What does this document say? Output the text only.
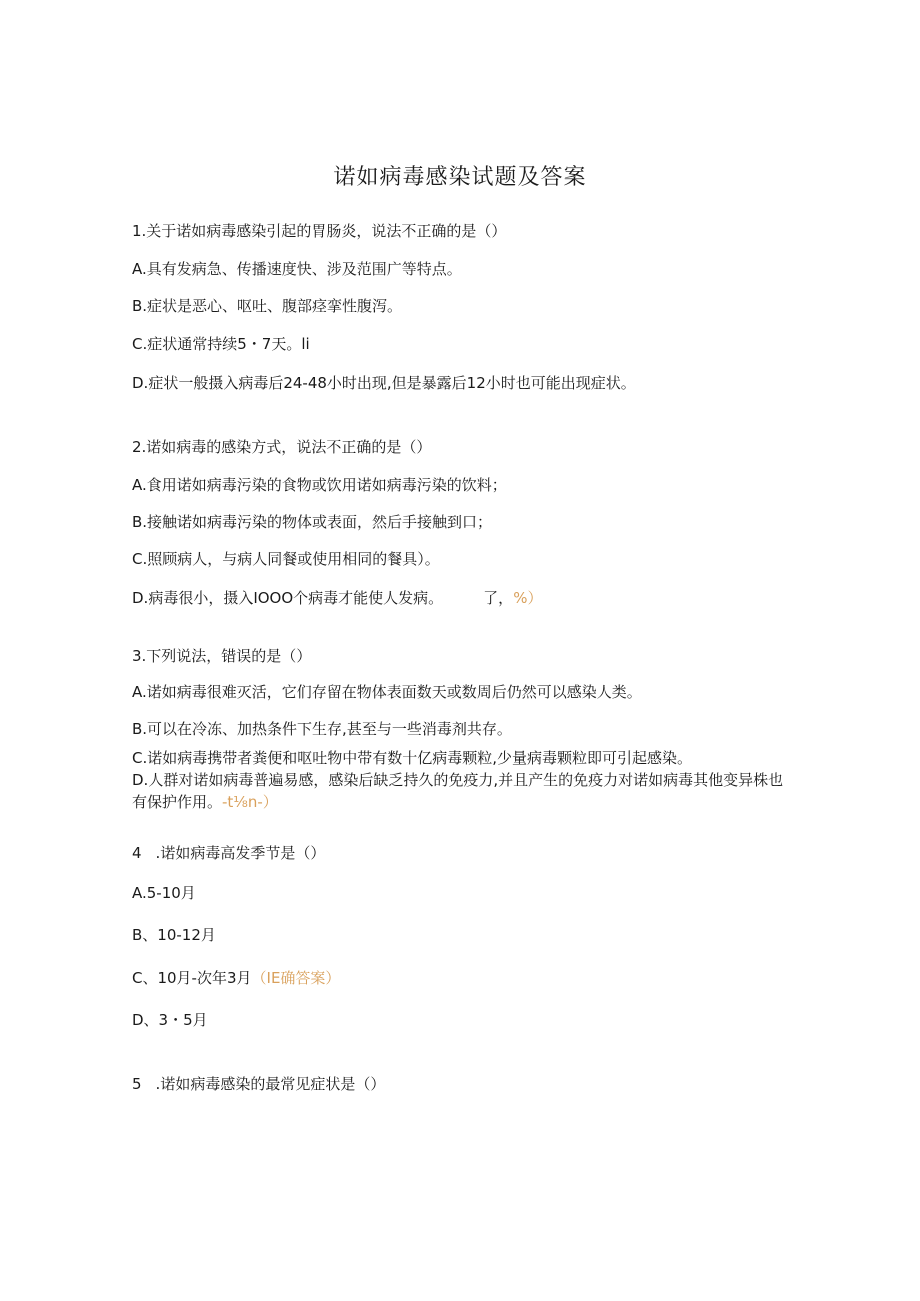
诺如病毒感染试题及答案
1.关于诺如病毒感染引起的胃肠炎，说法不正确的是（）
A.具有发病急、传播速度快、涉及范围广等特点。
B.症状是恶心、呕吐、腹部痉挛性腹泻。
C.症状通常持续5・7天。li
D.症状一般摄入病毒后24-48小时出现,但是暴露后12小时也可能出现症状。
2.诺如病毒的感染方式，说法不正确的是（）
A.食用诺如病毒污染的食物或饮用诺如病毒污染的饮料；
B.接触诺如病毒污染的物体或表面，然后手接触到口；
C.照顾病人，与病人同餐或使用相同的餐具）。
D.病毒很小，摄入IOOO个病毒才能使人发病。	了，%）
3.下列说法，错误的是（）
A.诺如病毒很难灭活，它们存留在物体表面数天或数周后仍然可以感染人类。
B.可以在冷冻、加热条件下生存,甚至与一些消毒剂共存。
C.诺如病毒携带者粪便和呕吐物中带有数十亿病毒颗粒,少量病毒颗粒即可引起感染。
D.人群对诺如病毒普遍易感，感染后缺乏持久的免疫力,并且产生的免疫力对诺如病毒其他变异株也有保护作用。-t⅛n-）
4 .诺如病毒高发季节是（）
A.5-10月
B、10-12月
C、10月-次年3月（IE确答案）
D、3・5月
5 .诺如病毒感染的最常见症状是（）
